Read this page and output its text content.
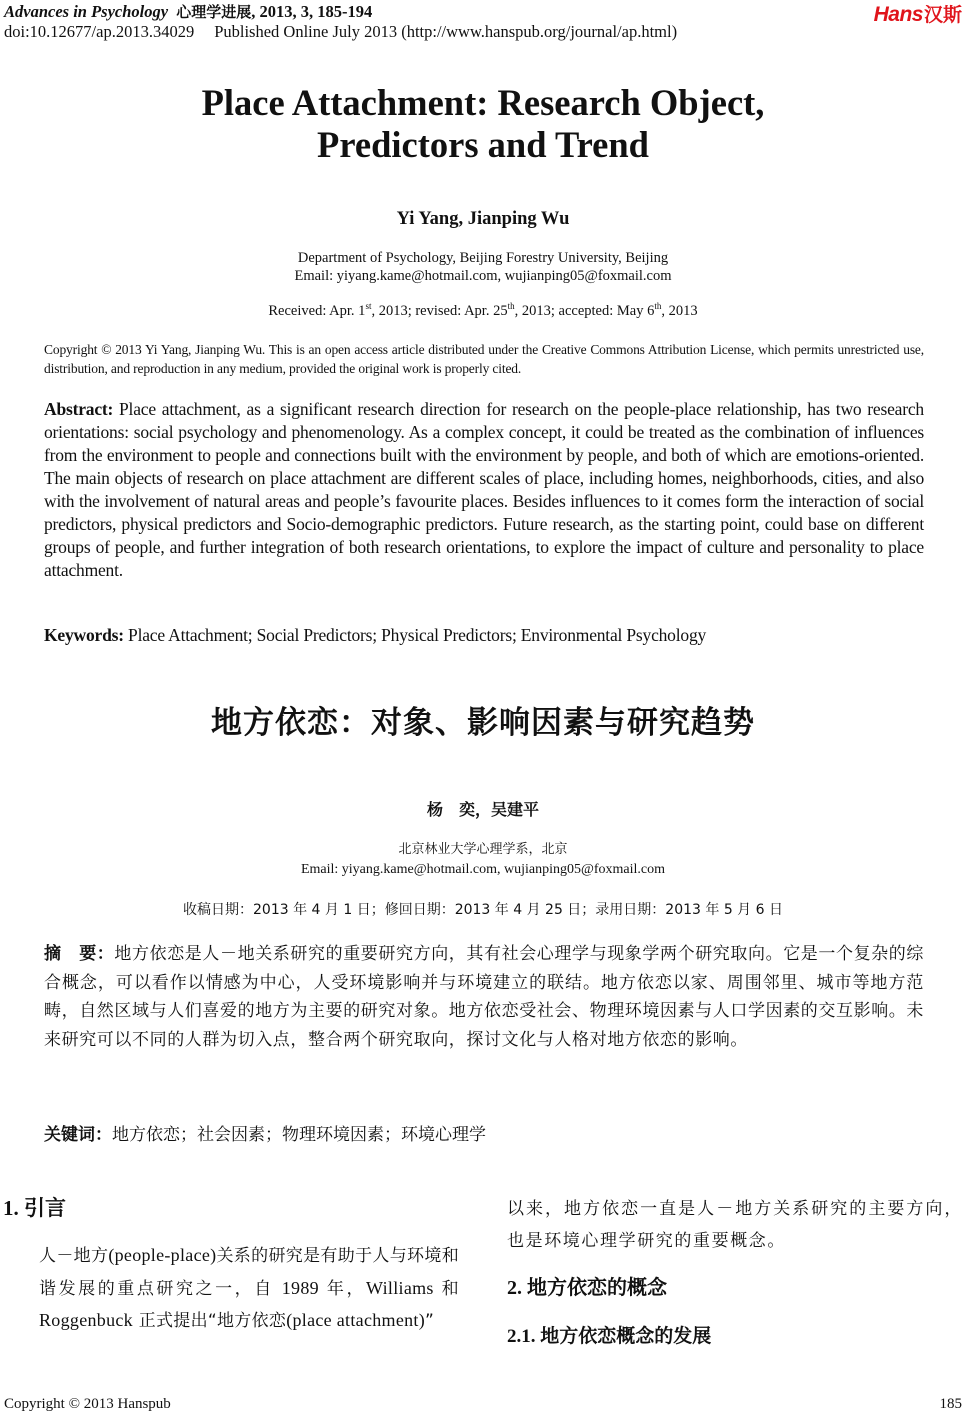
Advances in Psychology 心理学进展, 2013, 3, 185-194
doi:10.12677/ap.2013.34029 Published Online July 2013 (http://www.hanspub.org/journal/ap.html)
Hans汉斯
Place Attachment: Research Object,
Predictors and Trend
Yi Yang, Jianping Wu
Department of Psychology, Beijing Forestry University, Beijing
Email: yiyang.kame@hotmail.com, wujianping05@foxmail.com
Received: Apr. 1st, 2013; revised: Apr. 25th, 2013; accepted: May 6th, 2013
Copyright © 2013 Yi Yang, Jianping Wu. This is an open access article distributed under the Creative Commons Attribution License, which permits unrestricted use, distribution, and reproduction in any medium, provided the original work is properly cited.
Abstract: Place attachment, as a significant research direction for research on the people-place relationship, has two research orientations: social psychology and phenomenology. As a complex concept, it could be treated as the combination of influences from the environment to people and connections built with the environment by people, and both of which are emotions-oriented. The main objects of research on place attachment are different scales of place, including homes, neighborhoods, cities, and also with the involvement of natural areas and people’s favourite places. Besides influences to it comes form the interaction of social predictors, physical predictors and Socio-demographic predictors. Future research, as the starting point, could base on different groups of people, and further integration of both research orientations, to explore the impact of culture and personality to place attachment.
Keywords: Place Attachment; Social Predictors; Physical Predictors; Environmental Psychology
地方依恋：对象、影响因素与研究趋势
杨　奕，吴建平
北京林业大学心理学系，北京
Email: yiyang.kame@hotmail.com, wujianping05@foxmail.com
收稿日期：2013 年 4 月 1 日；修回日期：2013 年 4 月 25 日；录用日期：2013 年 5 月 6 日
摘　要：地方依恋是人－地关系研究的重要研究方向，其有社会心理学与现象学两个研究取向。它是一个复杂的综合概念，可以看作以情感为中心，人受环境影响并与环境建立的联结。地方依恋以家、周围邻里、城市等地方范畴，自然区域与人们喜爱的地方为主要的研究对象。地方依恋受社会、物理环境因素与人口学因素的交互影响。未来研究可以不同的人群为切入点，整合两个研究取向，探讨文化与人格对地方依恋的影响。
关键词：地方依恋；社会因素；物理环境因素；环境心理学
1. 引言
人－地方(people-place)关系的研究是有助于人与环境和谐发展的重点研究之一，自 1989 年，Williams 和 Roggenbuck 正式提出“地方依恋(place attachment)”
以来，地方依恋一直是人－地方关系研究的主要方向，也是环境心理学研究的重要概念。
2. 地方依恋的概念
2.1. 地方依恋概念的发展
Copyright © 2013 Hanspub	185
